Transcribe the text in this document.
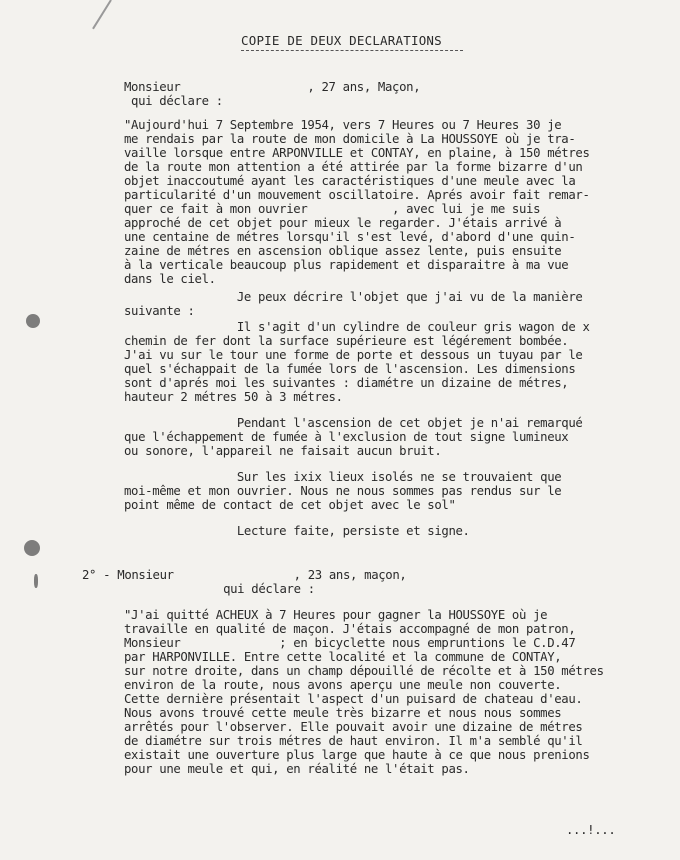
COPIE DE DEUX DECLARATIONS
Monsieur                  , 27 ans, Maçon,
qui déclare :
"Aujourd'hui 7 Septembre 1954, vers 7 Heures ou 7 Heures 30 je
me rendais par la route de mon domicile à La HOUSSOYE où je tra-
vaille lorsque entre ARPONVILLE et CONTAY, en plaine, à 150 métres
de la route mon attention a été attirée par la forme bizarre d'un
objet inaccoutumé ayant les caractéristiques d'une meule avec la
particularité d'un mouvement oscillatoire. Aprés avoir fait remar-
quer ce fait à mon ouvrier            , avec lui je me suis
approché de cet objet pour mieux le regarder. J'étais arrivé à
une centaine de métres lorsqu'il s'est levé, d'abord d'une quin-
zaine de métres en ascension oblique assez lente, puis ensuite
à la verticale beaucoup plus rapidement et disparaitre à ma vue
dans le ciel.
Je peux décrire l'objet que j'ai vu de la manière
suivante :
Il s'agit d'un cylindre de couleur gris wagon de x
chemin de fer dont la surface supérieure est légérement bombée.
J'ai vu sur le tour une forme de porte et dessous un tuyau par le
quel s'échappait de la fumée lors de l'ascension. Les dimensions
sont d'aprés moi les suivantes : diamétre un dizaine de métres,
hauteur 2 métres 50 à 3 métres.
Pendant l'ascension de cet objet je n'ai remarqué
que l'échappement de fumée à l'exclusion de tout signe lumineux
ou sonore, l'appareil ne faisait aucun bruit.
Sur les ixix lieux isolés ne se trouvaient que
moi-même et mon ouvrier. Nous ne nous sommes pas rendus sur le
point même de contact de cet objet avec le sol"
Lecture faite, persiste et signe.
2° - Monsieur                 , 23 ans, maçon,
qui déclare :
"J'ai quitté ACHEUX à 7 Heures pour gagner la HOUSSOYE où je
travaille en qualité de maçon. J'étais accompagné de mon patron,
Monsieur              ; en bicyclette nous empruntions le C.D.47
par HARPONVILLE. Entre cette localité et la commune de CONTAY,
sur notre droite, dans un champ dépouillé de récolte et à 150 métres
environ de la route, nous avons aperçu une meule non couverte.
Cette dernière présentait l'aspect d'un puisard de chateau d'eau.
Nous avons trouvé cette meule très bizarre et nous nous sommes
arrêtés pour l'observer. Elle pouvait avoir une dizaine de métres
de diamétre sur trois métres de haut environ. Il m'a semblé qu'il
existait une ouverture plus large que haute à ce que nous prenions
pour une meule et qui, en réalité ne l'était pas.
...!...
